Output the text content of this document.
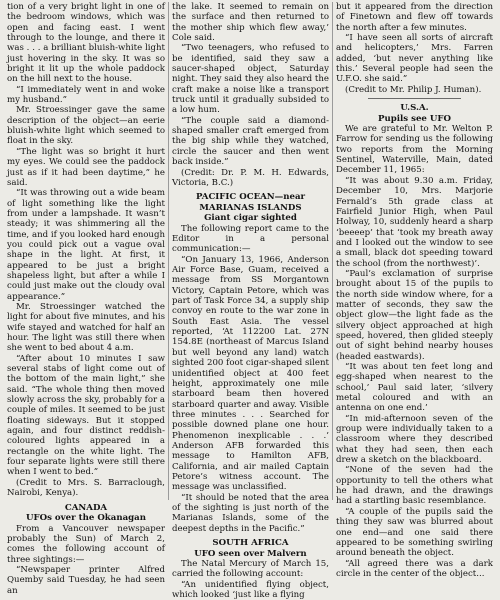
tion of a very bright light in one of the bedroom windows, which was open and facing east. I went through to the lounge, and there it was . . . a brilliant bluish-white light just hovering in the sky. It was so bright it lit up the whole paddock on the hill next to the house.

“I immediately went in and woke my husband.”

Mr. Stroessinger gave the same description of the object—an eerie bluish-white light which seemed to float in the sky.

“The light was so bright it hurt my eyes. We could see the paddock just as if it had been daytime,” he said.

“It was throwing out a wide beam of light something like the light from under a lampshade. It wasn’t steady; it was shimmering all the time, and if you looked hard enough you could pick out a vague oval shape in the light. At first, it appeared to be just a bright shapeless light, but after a while I could just make out the cloudy oval appearance.”

Mr. Stroessinger watched the light for about five minutes, and his wife stayed and watched for half an hour. The light was still there when she went to bed about 4 a.m.

“After about 10 minutes I saw several stabs of light come out of the bottom of the main light,” she said. “The whole thing then moved slowly across the sky, probably for a couple of miles. It seemed to be just floating sideways. But it stopped again, and four distinct reddish-coloured lights appeared in a rectangle on the white light. The four separate lights were still there when I went to bed.”

(Credit to Mrs. S. Barraclough, Nairobi, Kenya).

CANADA
UFOs over the Okanagan

From a Vancouver newspaper probably the Sun) of March 2, comes the following account of three sightings:—

“Newspaper printer Alfred Quemby said Tuesday, he had seen an

the lake. It seemed to remain on the surface and then returned to the mother ship which flew away,’ Cole said.

“Two teenagers, who refused to be identified, said they saw a saucer-shaped object, Saturday night. They said they also heard the craft make a noise like a transport truck until it gradually subsided to a low hum.

“The couple said a diamond-shaped smaller craft emerged from the big ship while they watched, circle the saucer and then went back inside.”

(Credit: Dr. P. M. H. Edwards, Victoria, B.C.)

PACIFIC OCEAN—near
MARIANAS ISLANDS
Giant cigar sighted

The following report came to the Editor in a personal communication:—

“On January 13, 1966, Anderson Air Force Base, Guam, received a message from SS Morgantown Victory, Captain Petore, which was part of Task Force 34, a supply ship convoy en route to the war zone in South East Asia. The vessel reported, ‘At 112200 Lat. 27N 154.8E (northeast of Marcus Island but well beyond any land) watch sighted 200 foot cigar-shaped silent unidentified object at 400 feet height, approximately one mile starboard beam then hovered starboard quarter and away. Visible three minutes . . . Searched for possible downed plane one hour. Phenomenon inexplicable . . .’ Anderson AFB forwarded this message to Hamilton AFB, California, and air mailed Captain Petore’s witness account. The message was unclassified.

“It should be noted that the area of the sighting is just north of the Marianas Islands, some of the deepest depths in the Pacific.”

SOUTH AFRICA
UFO seen over Malvern

The Natal Mercury of March 15, carried the following account:

“An unidentified flying object, which looked ‘just like a flying

but it appeared from the direction of Finetown and flew off towards the north after a few minutes.

“I have seen all sorts of aircraft and helicopters,’ Mrs. Farren added, ‘but never anything like this.’ Several people had seen the U.F.O. she said.”

(Credit to Mr. Philip J. Human).

U.S.A.
Pupils see UFO

We are grateful to Mr. Welton P. Farrow for sending us the following two reports from the Morning Sentinel, Waterville, Main, dated December 11, 1965:

“It was about 9.30 a.m. Friday, December 10, Mrs. Marjorie Fernald’s 5th grade class at Fairfield Junior High, when Paul Holway, 10, suddenly heard a sharp ‘beeeep’ that ‘took my breath away and I looked out the window to see a small, black dot speeding toward the school (from the northwest)’.

“Paul’s exclamation of surprise brought about 15 of the pupils to the north side window where, for a matter of seconds, they saw the object glow—the light fade as the silvery object approached at high speed, hovered, then glided steeply out of sight behind nearby houses (headed eastwards).

“It was about ten feet long and egg-shaped when nearest to the school,’ Paul said later, ‘silvery metal coloured and with an antenna on one end.’

“In mid-afternoon seven of the group were individually taken to a classroom where they described what they had seen, then each drew a sketch on the blackboard.

“None of the seven had the opportunity to tell the others what he had drawn, and the drawings had a startling basic resemblance.

“A couple of the pupils said the thing they saw was blurred about one end—and one said there appeared to be something swirling around beneath the object.

“All agreed there was a dark circle in the center of the object...
